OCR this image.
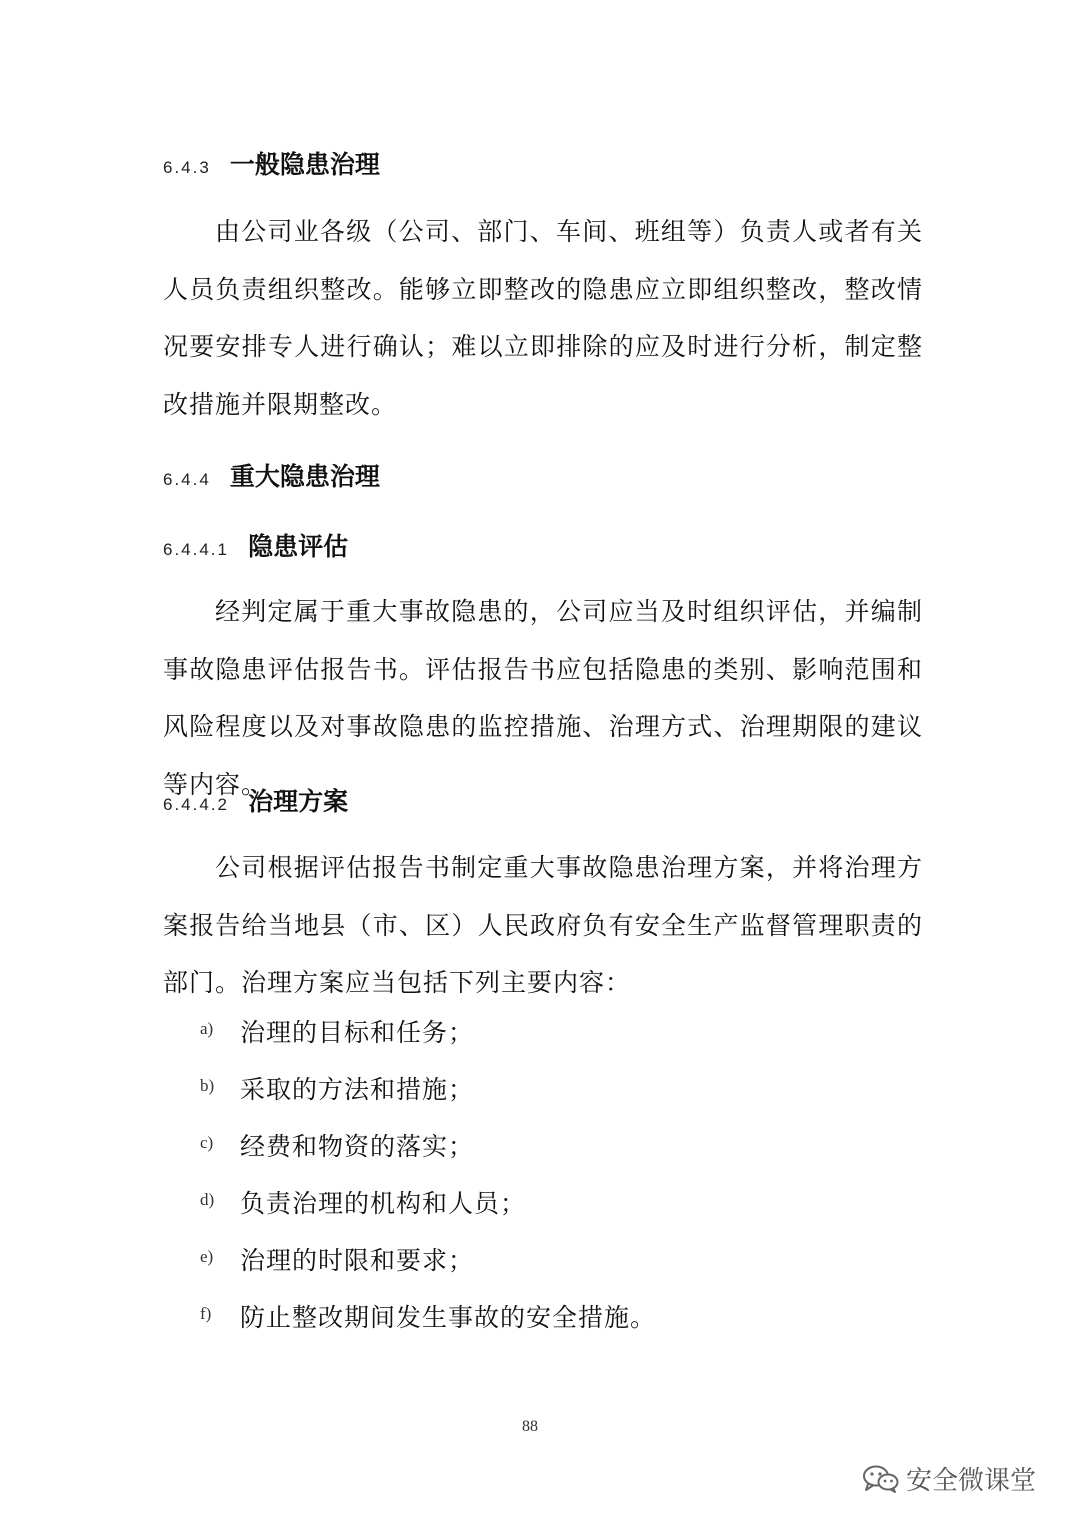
6.4.3 一般隐患治理

由公司业各级（公司、部门、车间、班组等）负责人或者有关人员负责组织整改。能够立即整改的隐患应立即组织整改，整改情况要安排专人进行确认；难以立即排除的应及时进行分析，制定整改措施并限期整改。

6.4.4 重大隐患治理
6.4.4.1 隐患评估

经判定属于重大事故隐患的，公司应当及时组织评估，并编制事故隐患评估报告书。评估报告书应包括隐患的类别、影响范围和风险程度以及对事故隐患的监控措施、治理方式、治理期限的建议等内容。

6.4.4.2 治理方案

公司根据评估报告书制定重大事故隐患治理方案，并将治理方案报告给当地县（市、区）人民政府负有安全生产监督管理职责的部门。治理方案应当包括下列主要内容：

a) 治理的目标和任务；
b) 采取的方法和措施；
c) 经费和物资的落实；
d) 负责治理的机构和人员；
e) 治理的时限和要求；
f) 防止整改期间发生事故的安全措施。
88
安全微课堂
